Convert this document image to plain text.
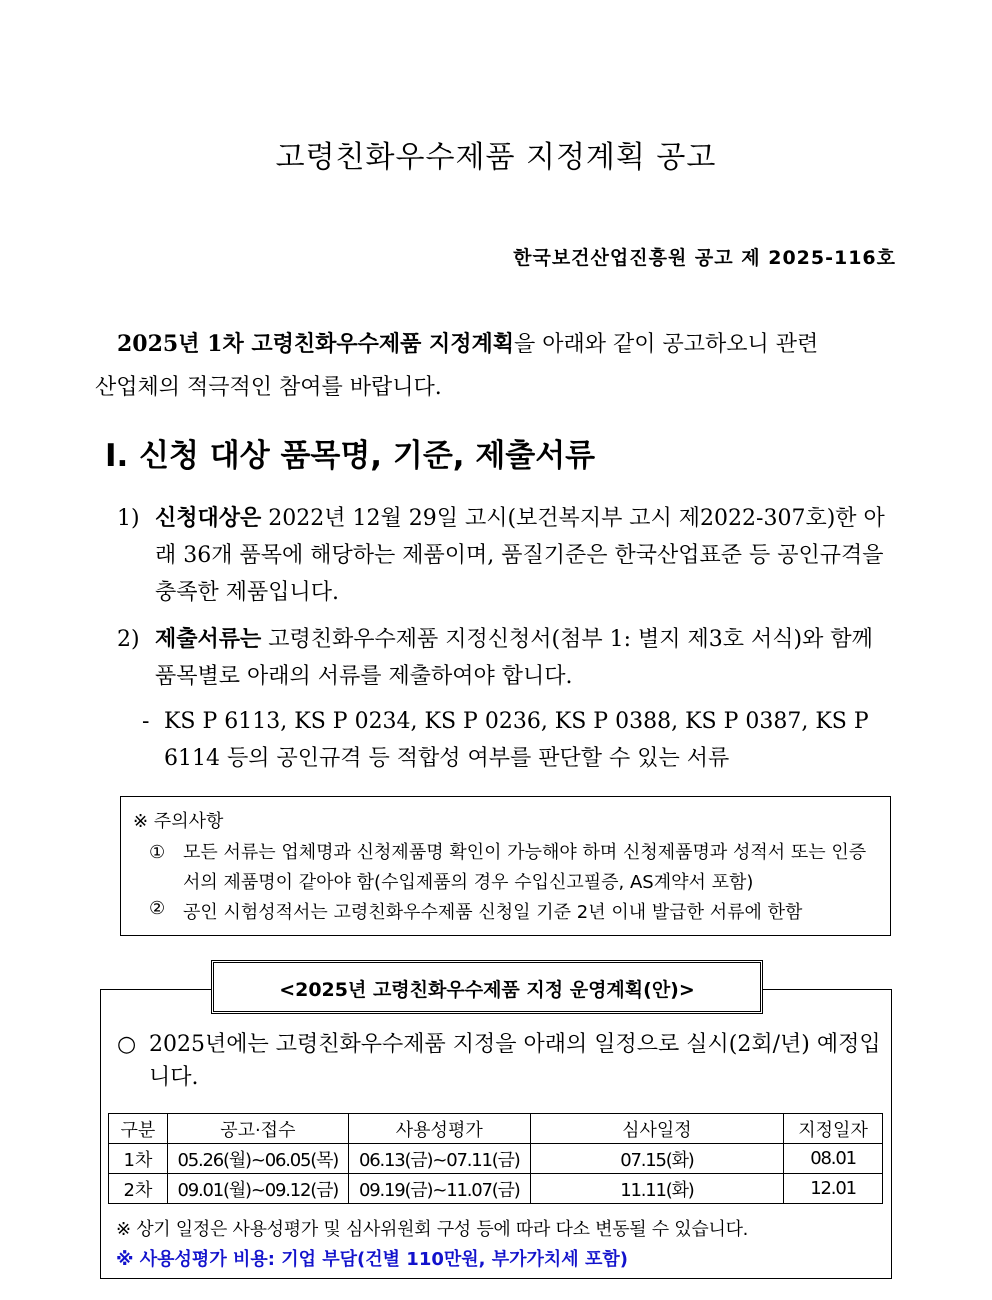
고령친화우수제품 지정계획 공고
한국보건산업진흥원 공고 제 2025-116호
2025년 1차 고령친화우수제품 지정계획을 아래와 같이 공고하오니 관련
산업체의 적극적인 참여를 바랍니다.
Ⅰ. 신청 대상 품목명, 기준, 제출서류
1) 신청대상은 2022년 12월 29일 고시(보건복지부 고시 제2022-307호)한 아래 36개 품목에 해당하는 제품이며, 품질기준은 한국산업표준 등 공인규격을 충족한 제품입니다.
2) 제출서류는 고령친화우수제품 지정신청서(첨부 1: 별지 제3호 서식)와 함께 품목별로 아래의 서류를 제출하여야 합니다.
- KS P 6113, KS P 0234, KS P 0236, KS P 0388, KS P 0387, KS P 6114 등의 공인규격 등 적합성 여부를 판단할 수 있는 서류
※ 주의사항
① 모든 서류는 업체명과 신청제품명 확인이 가능해야 하며 신청제품명과 성적서 또는 인증서의 제품명이 같아야 함(수입제품의 경우 수입신고필증, AS계약서 포함)
② 공인 시험성적서는 고령친화우수제품 신청일 기준 2년 이내 발급한 서류에 한함
○ 2025년에는 고령친화우수제품 지정을 아래의 일정으로 실시(2회/년) 예정입니다.
구분	공고·접수	사용성평가	심사일정	지정일자
1차	05.26(월)~06.05(목)	06.13(금)~07.11(금)	07.15(화)	08.01
2차	09.01(월)~09.12(금)	09.19(금)~11.07(금)	11.11(화)	12.01
※ 상기 일정은 사용성평가 및 심사위원회 구성 등에 따라 다소 변동될 수 있습니다.
※ 사용성평가 비용: 기업 부담(건별 110만원, 부가가치세 포함)
<2025년 고령친화우수제품 지정 운영계획(안)>
